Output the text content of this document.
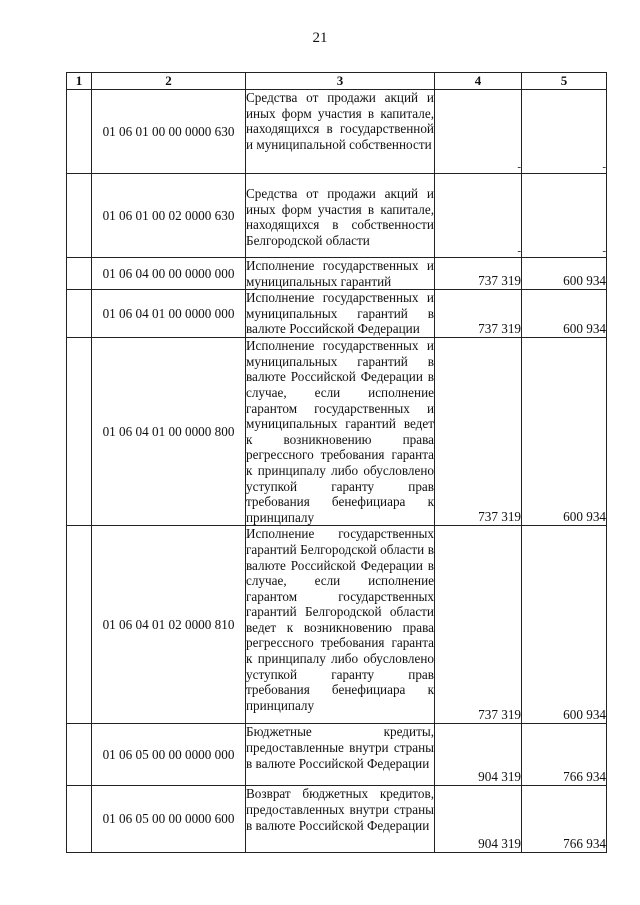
21
1	2	3	4	5
	01 06 01 00 00 0000 630	Средства от продажи акций и иных форм участия в капитале, находящихся в государственной и муниципальной собственности	-	-
	01 06 01 00 02 0000 630	Средства от продажи акций и иных форм участия в капитале, находящихся в собственности Белгородской области	-	-
	01 06 04 00 00 0000 000	Исполнение государственных и муниципальных гарантий	737 319	600 934
	01 06 04 01 00 0000 000	Исполнение государственных и муниципальных гарантий в валюте Российской Федерации	737 319	600 934
	01 06 04 01 00 0000 800	Исполнение государственных и муниципальных гарантий в валюте Российской Федерации в случае, если исполнение гарантом государственных и муниципальных гарантий ведет к возникновению права регрессного требования гаранта к принципалу либо обусловлено уступкой гаранту прав требования бенефициара к принципалу	737 319	600 934
	01 06 04 01 02 0000 810	Исполнение государственных гарантий Белгородской области в валюте Российской Федерации в случае, если исполнение гарантом государственных гарантий Белгородской области ведет к возникновению права регрессного требования гаранта к принципалу либо обусловлено уступкой гаранту прав требования бенефициара к принципалу	737 319	600 934
	01 06 05 00 00 0000 000	Бюджетные кредиты, предоставленные внутри страны в валюте Российской Федерации	904 319	766 934
	01 06 05 00 00 0000 600	Возврат бюджетных кредитов, предоставленных внутри страны в валюте Российской Федерации	904 319	766 934
